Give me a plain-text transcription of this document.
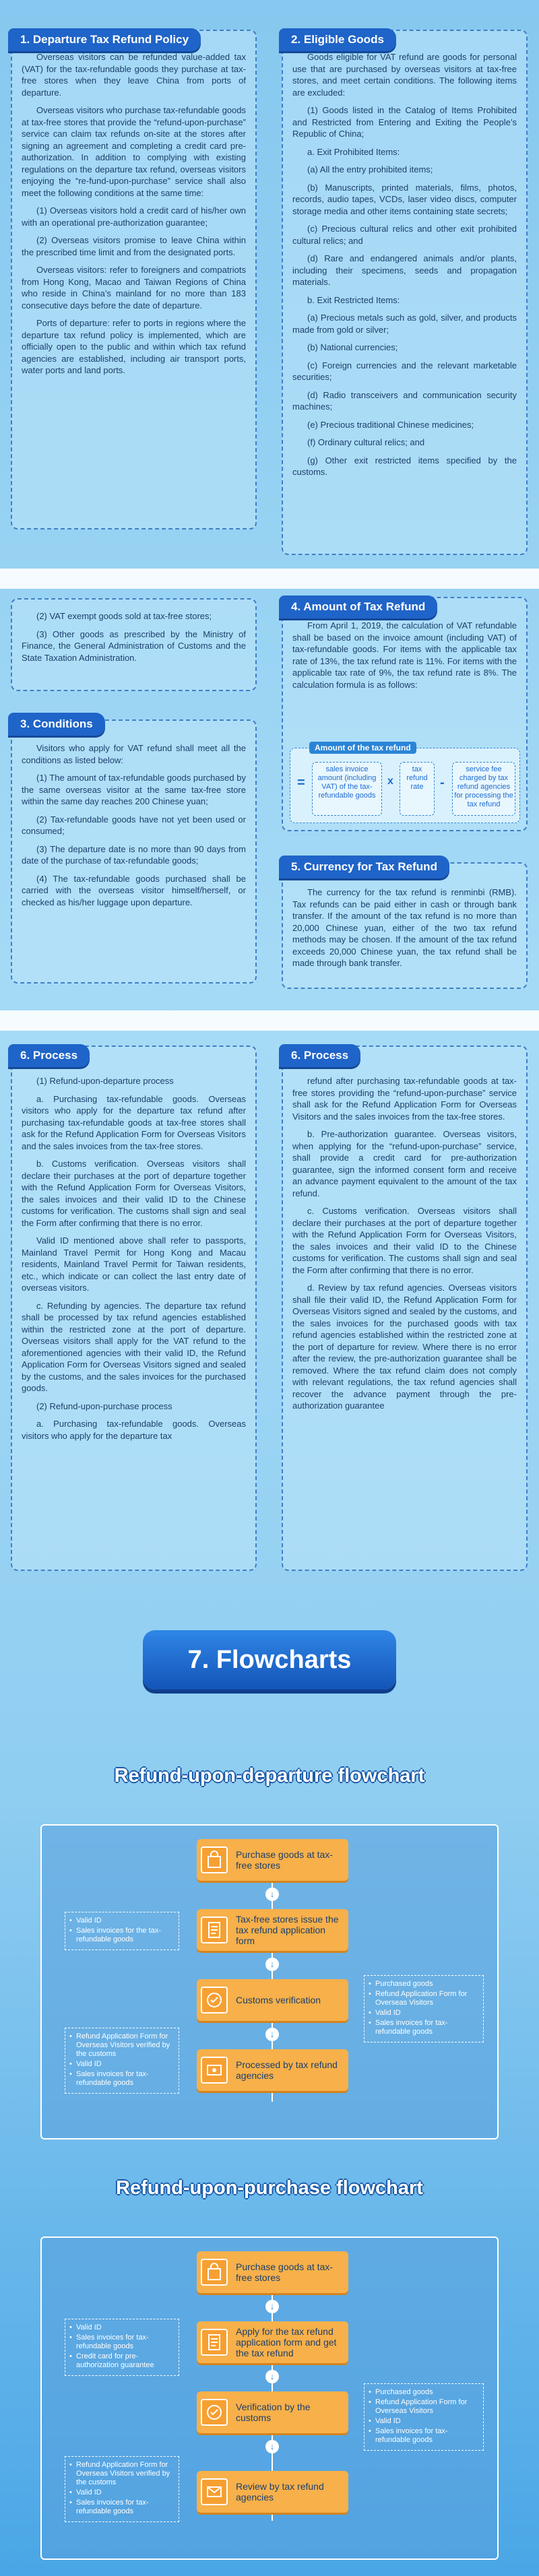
Overseas visitors can be refunded value-added tax (VAT) for the tax-refundable goods they purchase at tax-free stores when they leave China from ports of departure.

Overseas visitors who purchase tax-refundable goods at tax-free stores that provide the “refund-upon-purchase” service can claim tax refunds on-site at the stores after signing an agreement and completing a credit card pre-authorization. In addition to complying with existing regulations on the departure tax refund, overseas visitors enjoying the “re-fund-upon-purchase” service shall also meet the following conditions at the same time:

(1) Overseas visitors hold a credit card of his/her own with an operational pre-authorization guarantee;

(2) Overseas visitors promise to leave China within the prescribed time limit and from the designated ports.

Overseas visitors: refer to foreigners and compatriots from Hong Kong, Macao and Taiwan Regions of China who reside in China’s mainland for no more than 183 consecutive days before the date of departure.

Ports of departure: refer to ports in regions where the departure tax refund policy is implemented, which are officially open to the public and within which tax refund agencies are established, including air transport ports, water ports and land ports.

1. Departure Tax Refund Policy

Goods eligible for VAT refund are goods for personal use that are purchased by overseas visitors at tax-free stores, and meet certain conditions. The following items are excluded:

(1) Goods listed in the Catalog of Items Prohibited and Restricted from Entering and Exiting the People’s Republic of China;

a. Exit Prohibited Items:

(a) All the entry prohibited items;

(b) Manuscripts, printed materials, films, photos, records, audio tapes, VCDs, laser video discs, computer storage media and other items containing state secrets;

(c) Precious cultural relics and other exit prohibited cultural relics; and

(d) Rare and endangered animals and/or plants, including their specimens, seeds and propagation materials.

b. Exit Restricted Items:

(a) Precious metals such as gold, silver, and products made from gold or silver;

(b) National currencies;

(c) Foreign currencies and the relevant marketable securities;

(d) Radio transceivers and communication security machines;

(e) Precious traditional Chinese medicines;

(f) Ordinary cultural relics; and

(g) Other exit restricted items specified by the customs.

2. Eligible Goods

(2) VAT exempt goods sold at tax-free stores;

(3) Other goods as prescribed by the Ministry of Finance, the General Administration of Customs and the State Taxation Administration.

Visitors who apply for VAT refund shall meet all the conditions as listed below:

(1) The amount of tax-refundable goods purchased by the same overseas visitor at the same tax-free store within the same day reaches 200 Chinese yuan;

(2) Tax-refundable goods have not yet been used or consumed;

(3) The departure date is no more than 90 days from date of the purchase of tax-refundable goods;

(4) The tax-refundable goods purchased shall be carried with the overseas visitor himself/herself, or checked as his/her luggage upon departure.

3. Conditions

From April 1, 2019, the calculation of VAT refundable shall be based on the invoice amount (including VAT) of tax-refundable goods. For items with the applicable tax rate of 13%, the tax refund rate is 11%. For items with the applicable tax rate of 9%, the tax refund rate is 8%. The calculation formula is as follows:

4. Amount of Tax Refund
Amount of the tax refund
=
sales invoice amount (including VAT) of the tax-refundable goods
x
tax refund rate	-
service fee charged by tax refund agencies for processing the tax refund

The currency for the tax refund is renminbi (RMB). Tax refunds can be paid either in cash or through bank transfer. If the amount of the tax refund is no more than 20,000 Chinese yuan, either of the two tax refund methods may be chosen. If the amount of the tax refund exceeds 20,000 Chinese yuan, the tax refund shall be made through bank transfer.

5. Currency for Tax Refund

(1) Refund-upon-departure process

a. Purchasing tax-refundable goods. Overseas visitors who apply for the departure tax refund after purchasing tax-refundable goods at tax-free stores shall ask for the Refund Application Form for Overseas Visitors and the sales invoices from the tax-free stores.

b. Customs verification. Overseas visitors shall declare their purchases at the port of departure together with the Refund Application Form for Overseas Visitors, the sales invoices and their valid ID to the Chinese customs for verification. The customs shall sign and seal the Form after confirming that there is no error.

Valid ID mentioned above shall refer to passports, Mainland Travel Permit for Hong Kong and Macau residents, Mainland Travel Permit for Taiwan residents, etc., which indicate or can collect the last entry date of overseas visitors.

c. Refunding by agencies. The departure tax refund shall be processed by tax refund agencies established within the restricted zone at the port of departure. Overseas visitors shall apply for the VAT refund to the aforementioned agencies with their valid ID, the Refund Application Form for Overseas Visitors signed and sealed by the customs, and the sales invoices for the purchased goods.

(2) Refund-upon-purchase process

a. Purchasing tax-refundable goods. Overseas visitors who apply for the departure tax

6. Process

refund after purchasing tax-refundable goods at tax-free stores providing the “refund-upon-purchase” service shall ask for the Refund Application Form for Overseas Visitors and the sales invoices from the tax-free stores.

b. Pre-authorization guarantee. Overseas visitors, when applying for the “refund-upon-purchase” service, shall provide a credit card for pre-authorization guarantee, sign the informed consent form and receive an advance payment equivalent to the amount of the tax refund.

c. Customs verification. Overseas visitors shall declare their purchases at the port of departure together with the Refund Application Form for Overseas Visitors, the sales invoices and their valid ID to the Chinese customs for verification. The customs shall sign and seal the Form after confirming that there is no error.

d. Review by tax refund agencies. Overseas visitors shall file their valid ID, the Refund Application Form for Overseas Visitors signed and sealed by the customs, and the sales invoices for the purchased goods with tax refund agencies established within the restricted zone at the port of departure for review. Where there is no error after the review, the pre-authorization guarantee shall be removed. Where the tax refund claim does not comply with relevant regulations, the tax refund agencies shall recover the advance payment through the pre-authorization guarantee

6. Process
7. Flowcharts
Refund-upon-departure flowchart
Purchase goods at tax-free stores
↓
Tax-free stores issue the tax refund application form
↓
Customs verification
↓
Processed by tax refund agencies
• Valid ID
• Sales invoices for the tax-refundable goods
• Purchased goods
• Refund Application Form for Overseas Visitors
• Valid ID
• Sales invoices for tax-refundable goods
• Refund Application Form for Overseas Visitors verified by the customs
• Valid ID
• Sales invoices for tax-refundable goods
Refund-upon-purchase flowchart
Purchase goods at tax-free stores
↓
Apply for the tax refund application form and get the tax refund
↓
Verification by the customs
↓
Review by tax refund agencies
• Valid ID
• Sales invoices for tax-refundable goods
• Credit card for pre-authorization guarantee
• Purchased goods
• Refund Application Form for Overseas Visitors
• Valid ID
• Sales invoices for tax-refundable goods
• Refund Application Form for Overseas Visitors verified by the customs
• Valid ID
• Sales invoices for tax-refundable goods
